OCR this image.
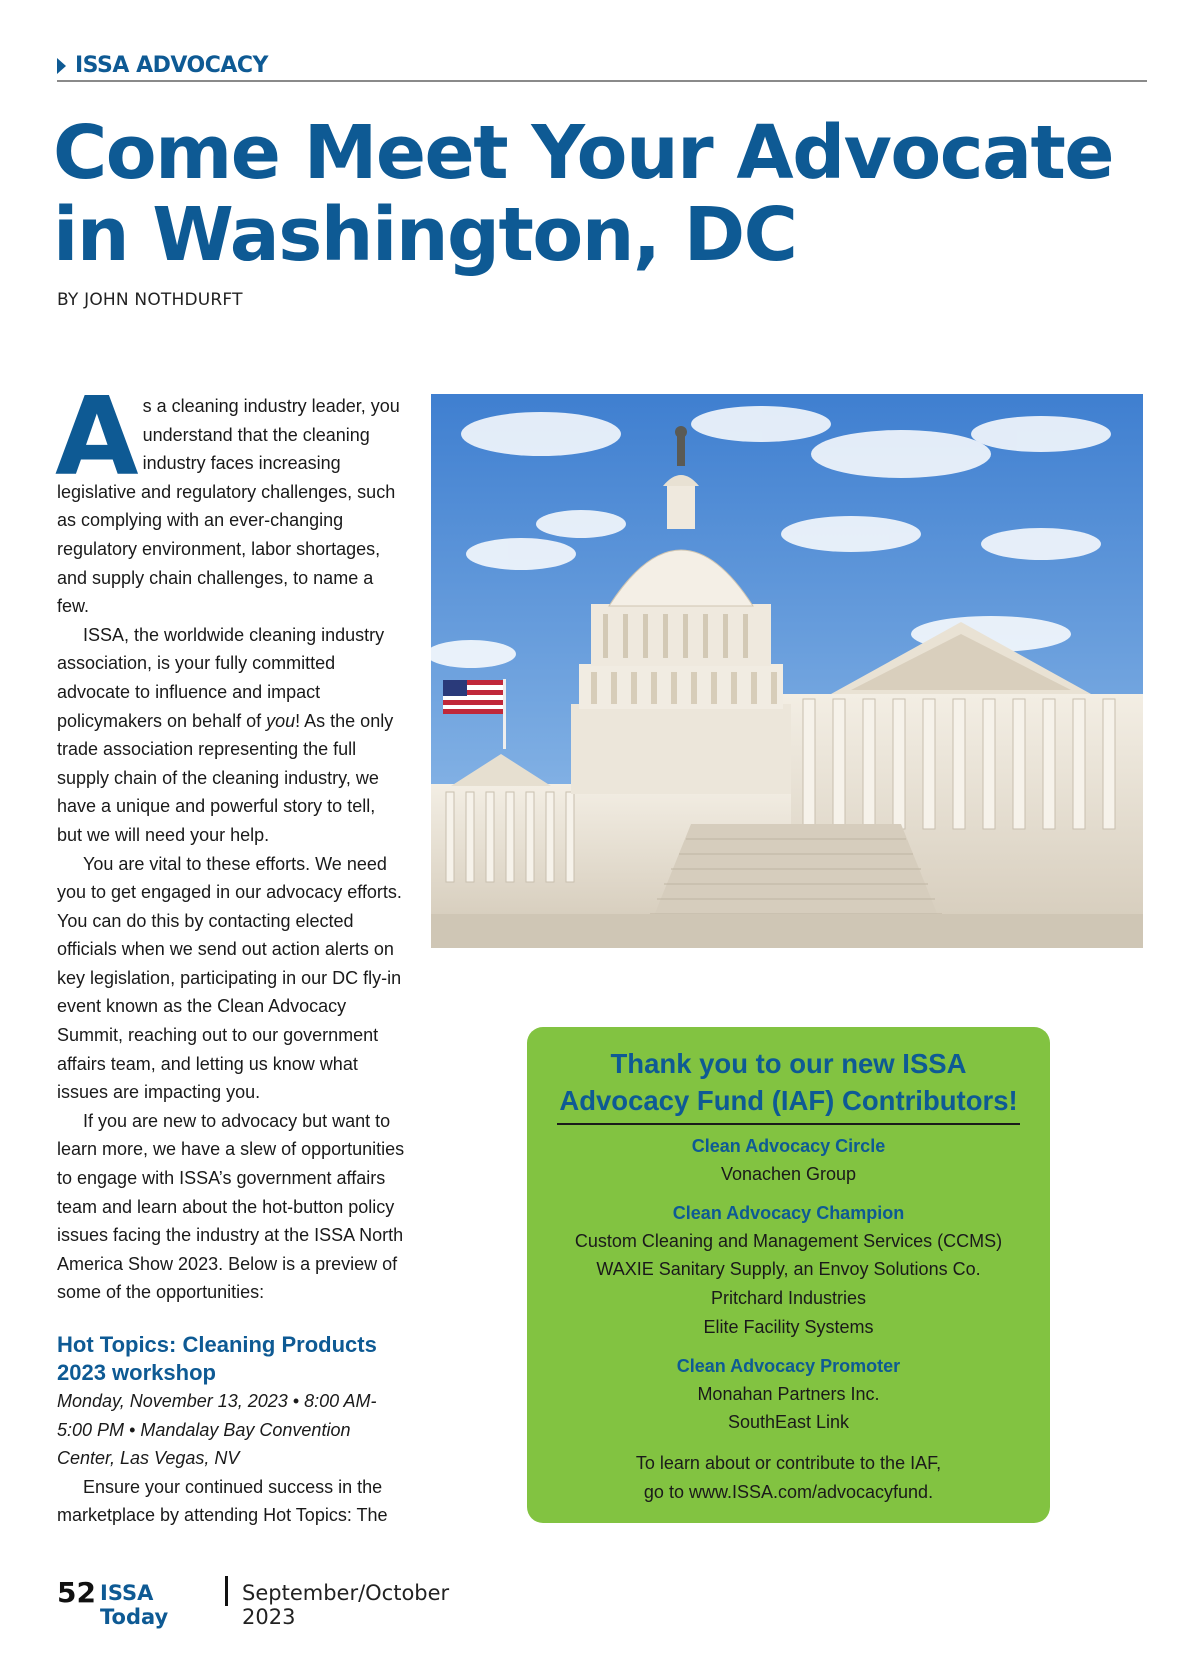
ISSA ADVOCACY
Come Meet Your Advocate
in Washington, DC
BY JOHN NOTHDURFT

As a cleaning industry leader, you understand that the cleaning industry faces increasing legislative and regulatory challenges, such as complying with an ever-changing regulatory environment, labor shortages, and supply chain challenges, to name a few.

ISSA, the worldwide cleaning industry association, is your fully committed advocate to influence and impact policymakers on behalf of you! As the only trade association representing the full supply chain of the cleaning industry, we have a unique and powerful story to tell, but we will need your help.

You are vital to these efforts. We need you to get engaged in our advocacy efforts. You can do this by contacting elected officials when we send out action alerts on key legislation, participating in our DC fly-in event known as the Clean Advocacy Summit, reaching out to our government affairs team, and letting us know what issues are impacting you.

If you are new to advocacy but want to learn more, we have a slew of opportunities to engage with ISSA’s government affairs team and learn about the hot-button policy issues facing the industry at the ISSA North America Show 2023. Below is a preview of some of the opportunities:

Hot Topics: Cleaning Products 2023 workshop

Monday, November 13, 2023 • 8:00 AM-5:00 PM • Mandalay Bay Convention Center, Las Vegas, NV

Ensure your continued success in the marketplace by attending Hot Topics: The

Thank you to our new ISSA Advocacy Fund (IAF) Contributors!
Clean Advocacy Circle
Vonachen Group
Clean Advocacy Champion
Custom Cleaning and Management Services (CCMS)
WAXIE Sanitary Supply, an Envoy Solutions Co.
Pritchard Industries
Elite Facility Systems
Clean Advocacy Promoter
Monahan Partners Inc.
SouthEast Link
To learn about or contribute to the IAF,
go to www.ISSA.com/advocacyfund.
52 ISSA Today
September/October 2023
